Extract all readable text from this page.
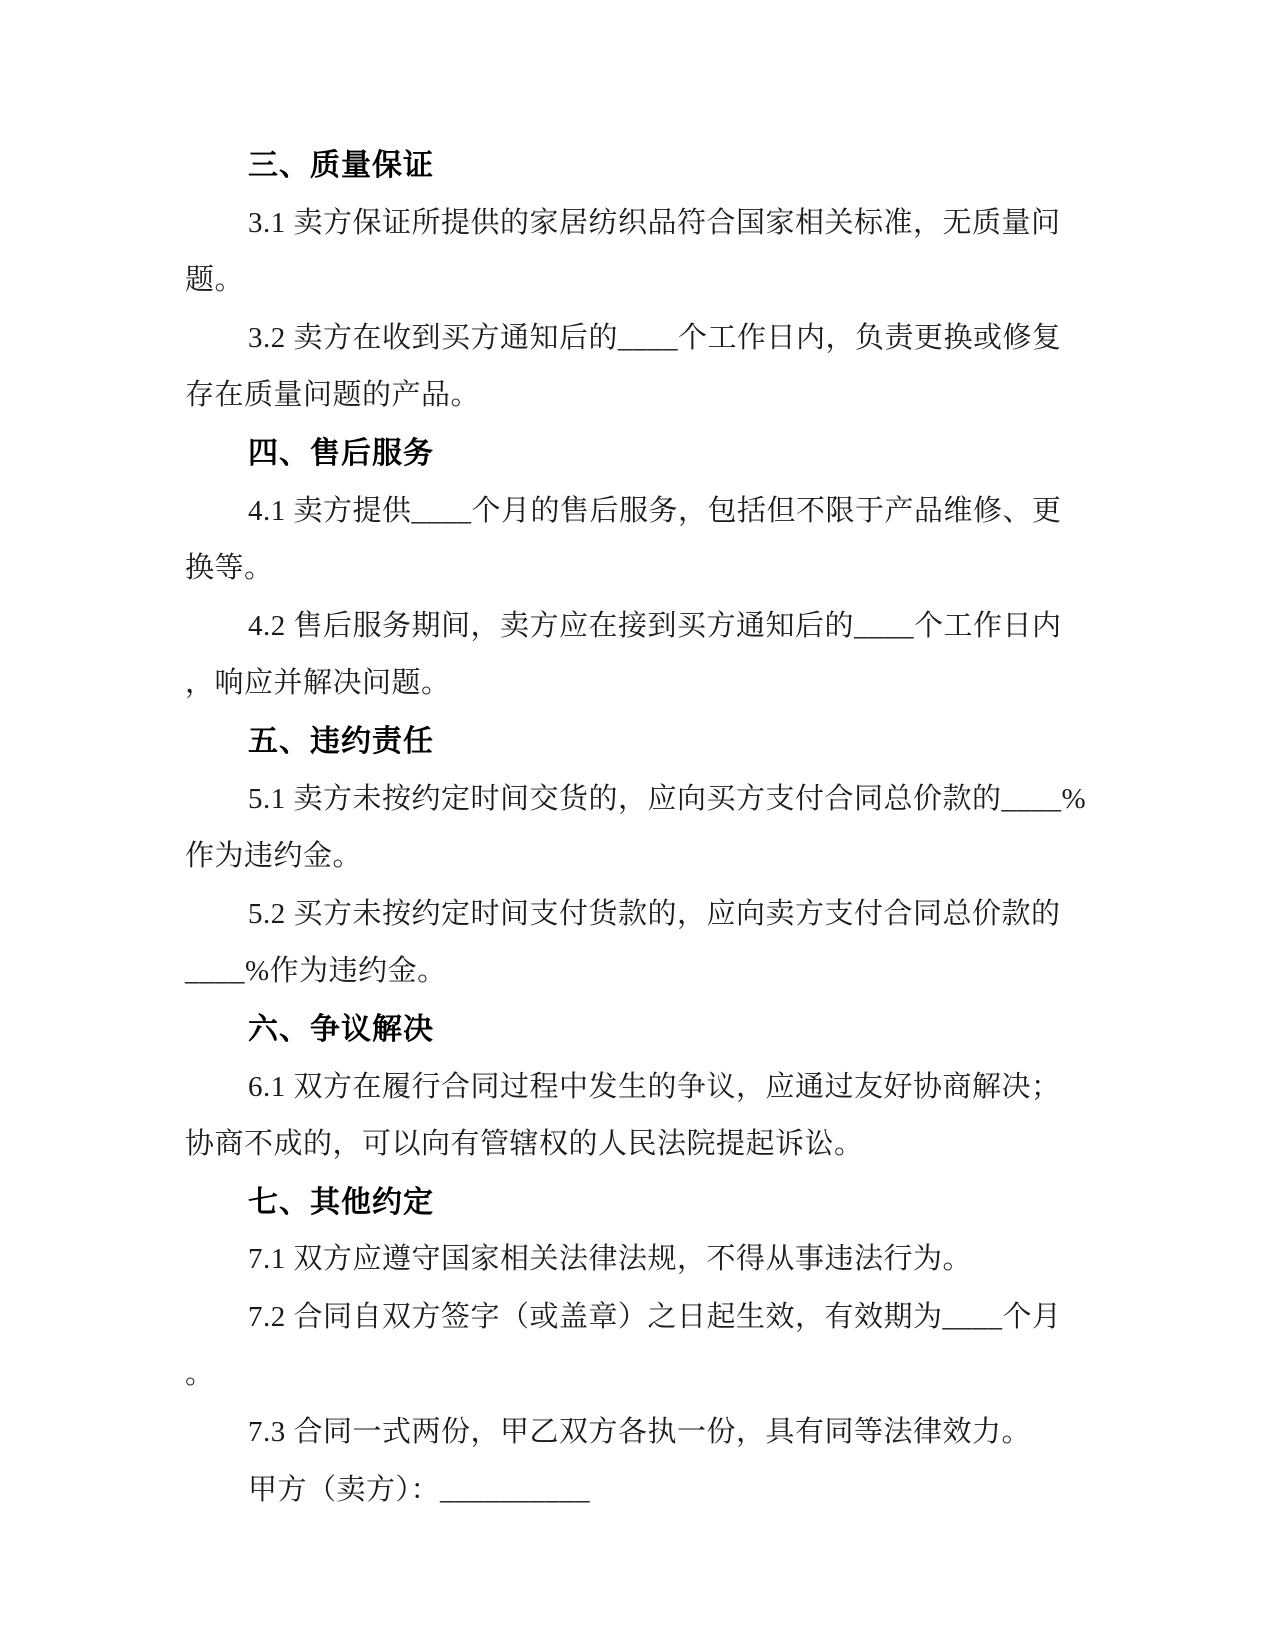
三、质量保证
3.1 卖方保证所提供的家居纺织品符合国家相关标准，无质量问
题。
3.2 卖方在收到买方通知后的____个工作日内，负责更换或修复
存在质量问题的产品。
四、售后服务
4.1 卖方提供____个月的售后服务，包括但不限于产品维修、更
换等。
4.2 售后服务期间，卖方应在接到买方通知后的____个工作日内
，响应并解决问题。
五、违约责任
5.1 卖方未按约定时间交货的，应向买方支付合同总价款的____%
作为违约金。
5.2 买方未按约定时间支付货款的，应向卖方支付合同总价款的
____%作为违约金。
六、争议解决
6.1 双方在履行合同过程中发生的争议，应通过友好协商解决；
协商不成的，可以向有管辖权的人民法院提起诉讼。
七、其他约定
7.1 双方应遵守国家相关法律法规，不得从事违法行为。
7.2 合同自双方签字（或盖章）之日起生效，有效期为____个月
。
7.3 合同一式两份，甲乙双方各执一份，具有同等法律效力。
甲方（卖方）：__________
